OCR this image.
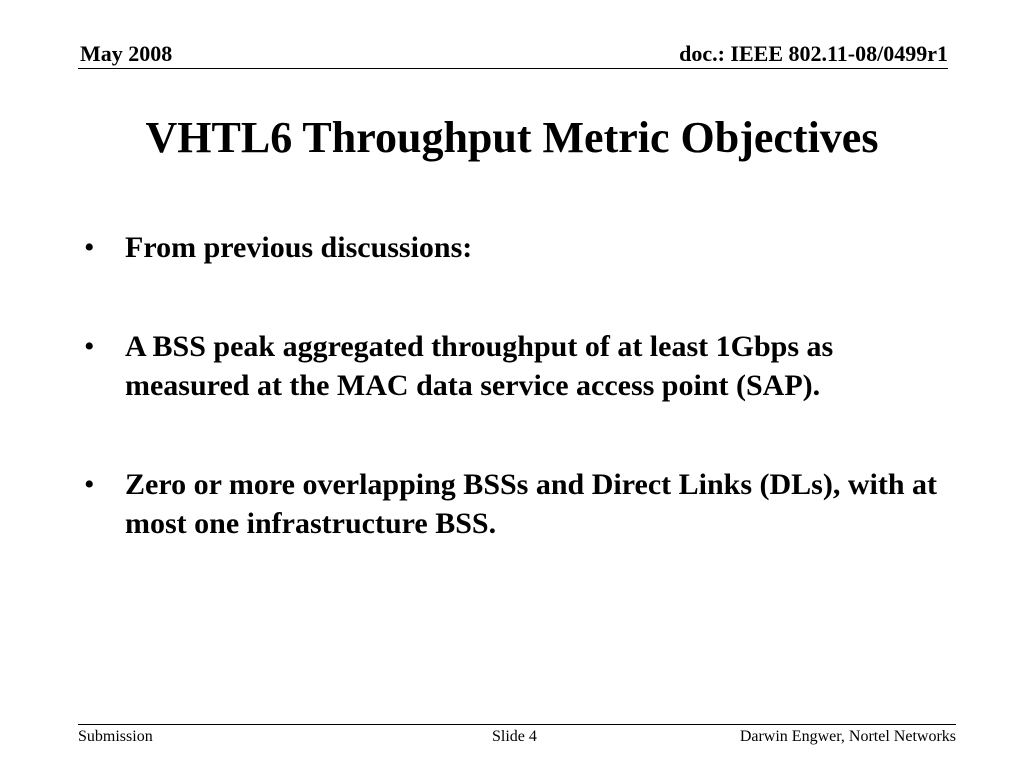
May 2008	doc.: IEEE 802.11-08/0499r1
VHTL6 Throughput Metric Objectives
•	From previous discussions:
•	A BSS peak aggregated throughput of at least 1Gbps as measured at the MAC data service access point (SAP).
•	Zero or more overlapping BSSs and Direct Links (DLs), with at most one infrastructure BSS.
Submission	Slide 4	Darwin Engwer, Nortel Networks
